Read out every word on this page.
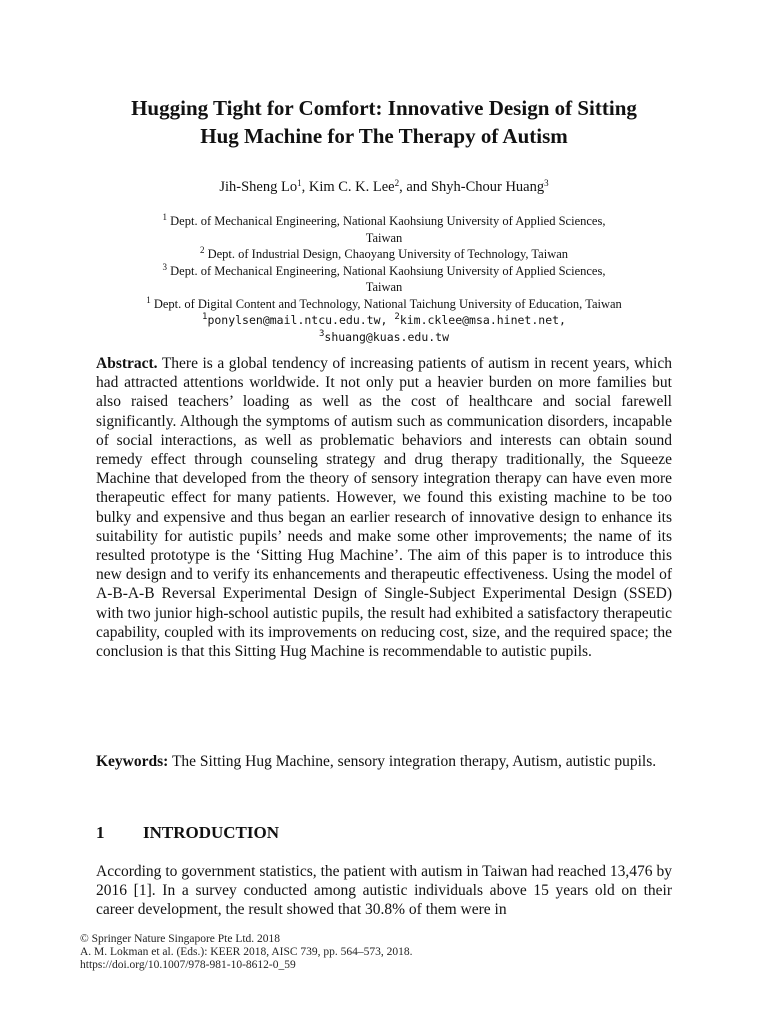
Hugging Tight for Comfort: Innovative Design of Sitting
Hug Machine for The Therapy of Autism
Jih-Sheng Lo$^1$, Kim C. K. Lee$^2$, and Shyh-Chour Huang$^3$
$^1$ Dept. of Mechanical Engineering, National Kaohsiung University of Applied Sciences,
Taiwan
$^2$ Dept. of Industrial Design, Chaoyang University of Technology, Taiwan
$^3$ Dept. of Mechanical Engineering, National Kaohsiung University of Applied Sciences,
Taiwan
$^1$ Dept. of Digital Content and Technology, National Taichung University of Education, Taiwan
$^1$ponylsen@mail.ntcu.edu.tw, $^2$kim.cklee@msa.hinet.net,
$^3$shuang@kuas.edu.tw
Abstract. There is a global tendency of increasing patients of autism in recent years, which had attracted attentions worldwide. It not only put a heavier burden on more families but also raised teachers’ loading as well as the cost of healthcare and social farewell significantly. Although the symptoms of autism such as communication disorders, incapable of social interactions, as well as problematic behaviors and interests can obtain sound remedy effect through counseling strategy and drug therapy traditionally, the Squeeze Machine that developed from the theory of sensory integration therapy can have even more therapeutic effect for many patients. However, we found this existing machine to be too bulky and expensive and thus began an earlier research of innovative design to enhance its suitability for autistic pupils’ needs and make some other improvements; the name of its resulted prototype is the ‘Sitting Hug Machine’. The aim of this paper is to introduce this new design and to verify its enhancements and therapeutic effectiveness. Using the model of A-B-A-B Reversal Experimental Design of Single-Subject Experimental Design (SSED) with two junior high-school autistic pupils, the result had exhibited a satisfactory therapeutic capability, coupled with its improvements on reducing cost, size, and the required space; the conclusion is that this Sitting Hug Machine is recommendable to autistic pupils.
Keywords: The Sitting Hug Machine, sensory integration therapy, Autism, autistic pupils.
1 INTRODUCTION
According to government statistics, the patient with autism in Taiwan had reached 13,476 by 2016 [1]. In a survey conducted among autistic individuals above 15 years old on their career development, the result showed that 30.8% of them were in
© Springer Nature Singapore Pte Ltd. 2018
A. M. Lokman et al. (Eds.): KEER 2018, AISC 739, pp. 564–573, 2018.
https://doi.org/10.1007/978-981-10-8612-0_59
